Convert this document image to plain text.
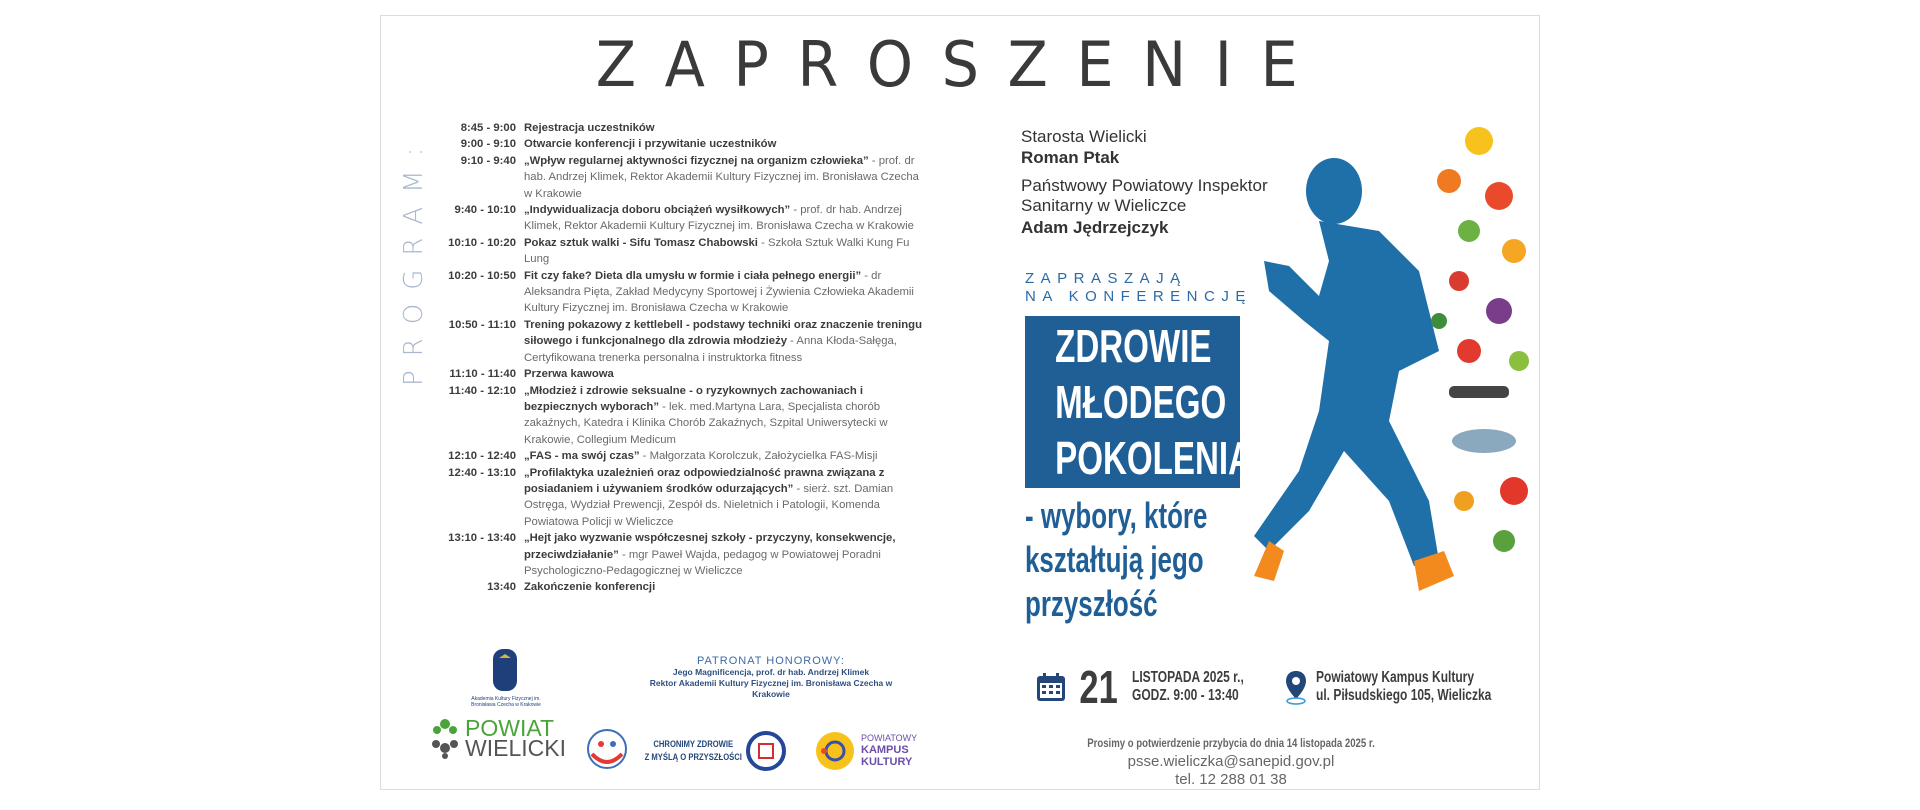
ZAPROSZENIE
PROGRAM:
8:45 - 9:00 Rejestracja uczestników
9:00 - 9:10 Otwarcie konferencji i przywitanie uczestników
9:10 - 9:40 „Wpływ regularnej aktywności fizycznej na organizm człowieka” - prof. dr hab. Andrzej Klimek, Rektor Akademii Kultury Fizycznej im. Bronisława Czecha w Krakowie
9:40 - 10:10 „Indywidualizacja doboru obciążeń wysiłkowych” - prof. dr hab. Andrzej Klimek, Rektor Akademii Kultury Fizycznej im. Bronisława Czecha w Krakowie
10:10 - 10:20 Pokaz sztuk walki - Sifu Tomasz Chabowski - Szkoła Sztuk Walki Kung Fu Lung
10:20 - 10:50 Fit czy fake? Dieta dla umysłu w formie i ciała pełnego energii” - dr Aleksandra Pięta, Zakład Medycyny Sportowej i Żywienia Człowieka Akademii Kultury Fizycznej im. Bronisława Czecha w Krakowie
10:50 - 11:10 Trening pokazowy z kettlebell - podstawy techniki oraz znaczenie treningu siłowego i funkcjonalnego dla zdrowia młodzieży - Anna Kłoda-Sałęga, Certyfikowana trenerka personalna i instruktorka fitness
11:10 - 11:40 Przerwa kawowa
11:40 - 12:10 „Młodzież i zdrowie seksualne - o ryzykownych zachowaniach i bezpiecznych wyborach” - lek. med.Martyna Lara, Specjalista chorób zakaźnych, Katedra i Klinika Chorób Zakaźnych, Szpital Uniwersytecki w Krakowie, Collegium Medicum
12:10 - 12:40 „FAS - ma swój czas” - Małgorzata Korolczuk, Założycielka FAS-Misji
12:40 - 13:10 „Profilaktyka uzależnień oraz odpowiedzialność prawna związana z posiadaniem i używaniem środków odurzających” - sierż. szt. Damian Ostręga, Wydział Prewencji, Zespół ds. Nieletnich i Patologii, Komenda Powiatowa Policji w Wieliczce
13:10 - 13:40 „Hejt jako wyzwanie współczesnej szkoły - przyczyny, konsekwencje, przeciwdziałanie” - mgr Paweł Wajda, pedagog w Powiatowej Poradni Psychologiczno-Pedagogicznej w Wieliczce
13:40 Zakończenie konferencji
Starosta Wielicki
Roman Ptak
Państwowy Powiatowy Inspektor
Sanitarny w Wieliczce
Adam Jędrzejczyk
ZAPRASZAJĄ
NA KONFERENCJĘ
ZDROWIE
MŁODEGO
POKOLENIA
- wybory, które
kształtują jego
przyszłość
21 LISTOPADA 2025 r.,
GODZ. 9:00 - 13:40
Powiatowy Kampus Kultury
ul. Piłsudskiego 105, Wieliczka
Prosimy o potwierdzenie przybycia do dnia 14 listopada 2025 r.
psse.wieliczka@sanepid.gov.pl
tel. 12 288 01 38
Akademia Kultury Fizycznej im. Bronisława Czecha w Krakowie
PATRONAT HONOROWY:
Jego Magnificencja, prof. dr hab. Andrzej Klimek
Rektor Akademii Kultury Fizycznej im. Bronisława Czecha w Krakowie
POWIAT
WIELICKI	CHRONIMY ZDROWIE
Z MYŚLĄ O PRZYSZŁOŚCI
POWIATOWY
KAMPUS
KULTURY
